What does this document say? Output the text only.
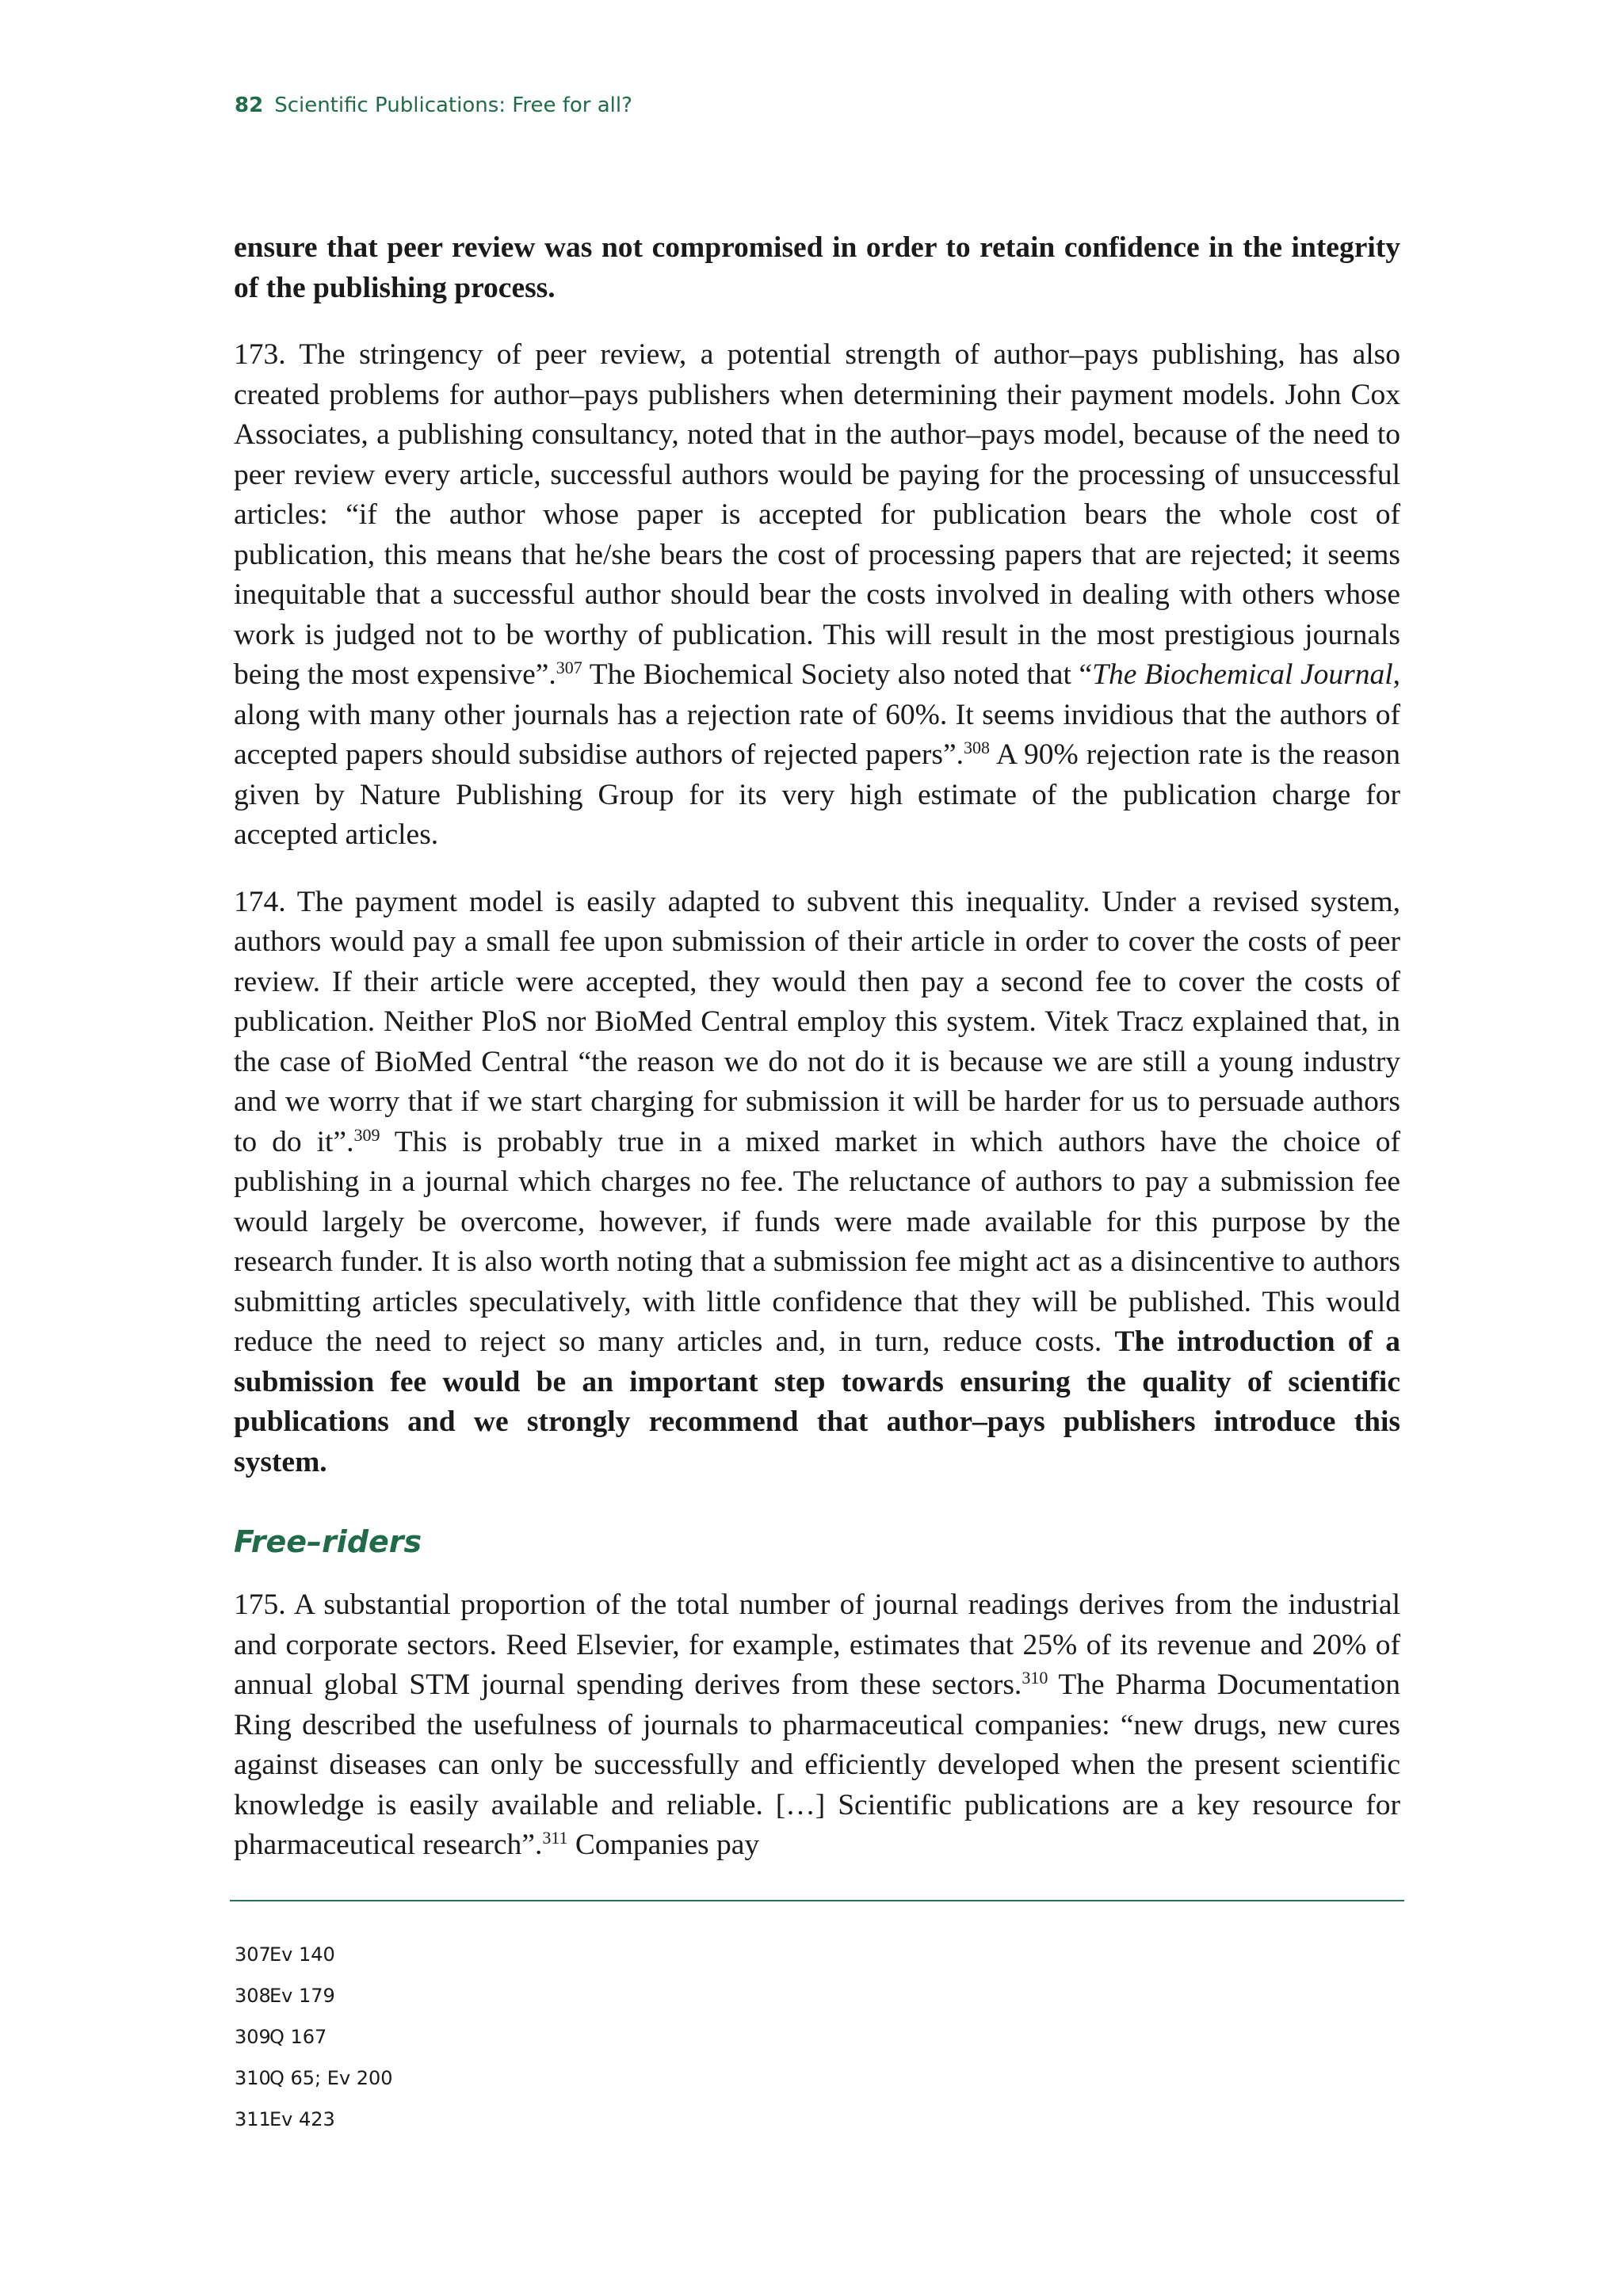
82 Scientific Publications: Free for all?

ensure that peer review was not compromised in order to retain confidence in the integrity of the publishing process.

173. The stringency of peer review, a potential strength of author–pays publishing, has also created problems for author–pays publishers when determining their payment models. John Cox Associates, a publishing consultancy, noted that in the author–pays model, because of the need to peer review every article, successful authors would be paying for the processing of unsuccessful articles: “if the author whose paper is accepted for publication bears the whole cost of publication, this means that he/she bears the cost of processing papers that are rejected; it seems inequitable that a successful author should bear the costs involved in dealing with others whose work is judged not to be worthy of publication. This will result in the most prestigious journals being the most expensive”.$^{307}$ The Biochemical Society also noted that “The Biochemical Journal, along with many other journals has a rejection rate of 60%. It seems invidious that the authors of accepted papers should subsidise authors of rejected papers”.$^{308}$ A 90% rejection rate is the reason given by Nature Publishing Group for its very high estimate of the publication charge for accepted articles.

174. The payment model is easily adapted to subvent this inequality. Under a revised system, authors would pay a small fee upon submission of their article in order to cover the costs of peer review. If their article were accepted, they would then pay a second fee to cover the costs of publication. Neither PloS nor BioMed Central employ this system. Vitek Tracz explained that, in the case of BioMed Central “the reason we do not do it is because we are still a young industry and we worry that if we start charging for submission it will be harder for us to persuade authors to do it”.$^{309}$ This is probably true in a mixed market in which authors have the choice of publishing in a journal which charges no fee. The reluctance of authors to pay a submission fee would largely be overcome, however, if funds were made available for this purpose by the research funder. It is also worth noting that a submission fee might act as a disincentive to authors submitting articles speculatively, with little confidence that they will be published. This would reduce the need to reject so many articles and, in turn, reduce costs. The introduction of a submission fee would be an important step towards ensuring the quality of scientific publications and we strongly recommend that author–pays publishers introduce this system.

Free–riders

175. A substantial proportion of the total number of journal readings derives from the industrial and corporate sectors. Reed Elsevier, for example, estimates that 25% of its revenue and 20% of annual global STM journal spending derives from these sectors.$^{310}$ The Pharma Documentation Ring described the usefulness of journals to pharmaceutical companies: “new drugs, new cures against diseases can only be successfully and efficiently developed when the present scientific knowledge is easily available and reliable. […] Scientific publications are a key resource for pharmaceutical research”.$^{311}$ Companies pay

307Ev 140
308Ev 179
309Q 167
310Q 65; Ev 200
311Ev 423
